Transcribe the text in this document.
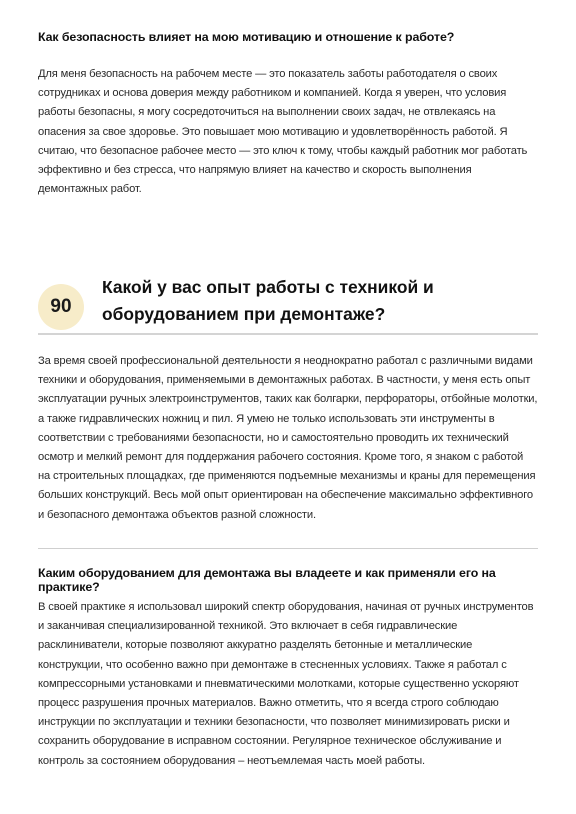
Как безопасность влияет на мою мотивацию и отношение к работе?

Для меня безопасность на рабочем месте — это показатель заботы работодателя о своих сотрудниках и основа доверия между работником и компанией. Когда я уверен, что условия работы безопасны, я могу сосредоточиться на выполнении своих задач, не отвлекаясь на опасения за свое здоровье. Это повышает мою мотивацию и удовлетворённость работой. Я считаю, что безопасное рабочее место — это ключ к тому, чтобы каждый работник мог работать эффективно и без стресса, что напрямую влияет на качество и скорость выполнения демонтажных работ.

90
Какой у вас опыт работы с техникой и оборудованием при демонтаже?

За время своей профессиональной деятельности я неоднократно работал с различными видами техники и оборудования, применяемыми в демонтажных работах. В частности, у меня есть опыт эксплуатации ручных электроинструментов, таких как болгарки, перфораторы, отбойные молотки, а также гидравлических ножниц и пил. Я умею не только использовать эти инструменты в соответствии с требованиями безопасности, но и самостоятельно проводить их технический осмотр и мелкий ремонт для поддержания рабочего состояния. Кроме того, я знаком с работой на строительных площадках, где применяются подъемные механизмы и краны для перемещения больших конструкций. Весь мой опыт ориентирован на обеспечение максимально эффективного и безопасного демонтажа объектов разной сложности.

Каким оборудованием для демонтажа вы владеете и как применяли его на практике?

В своей практике я использовал широкий спектр оборудования, начиная от ручных инструментов и заканчивая специализированной техникой. Это включает в себя гидравлические расклиниватели, которые позволяют аккуратно разделять бетонные и металлические конструкции, что особенно важно при демонтаже в стесненных условиях. Также я работал с компрессорными установками и пневматическими молотками, которые существенно ускоряют процесс разрушения прочных материалов. Важно отметить, что я всегда строго соблюдаю инструкции по эксплуатации и техники безопасности, что позволяет минимизировать риски и сохранить оборудование в исправном состоянии. Регулярное техническое обслуживание и контроль за состоянием оборудования – неотъемлемая часть моей работы.
